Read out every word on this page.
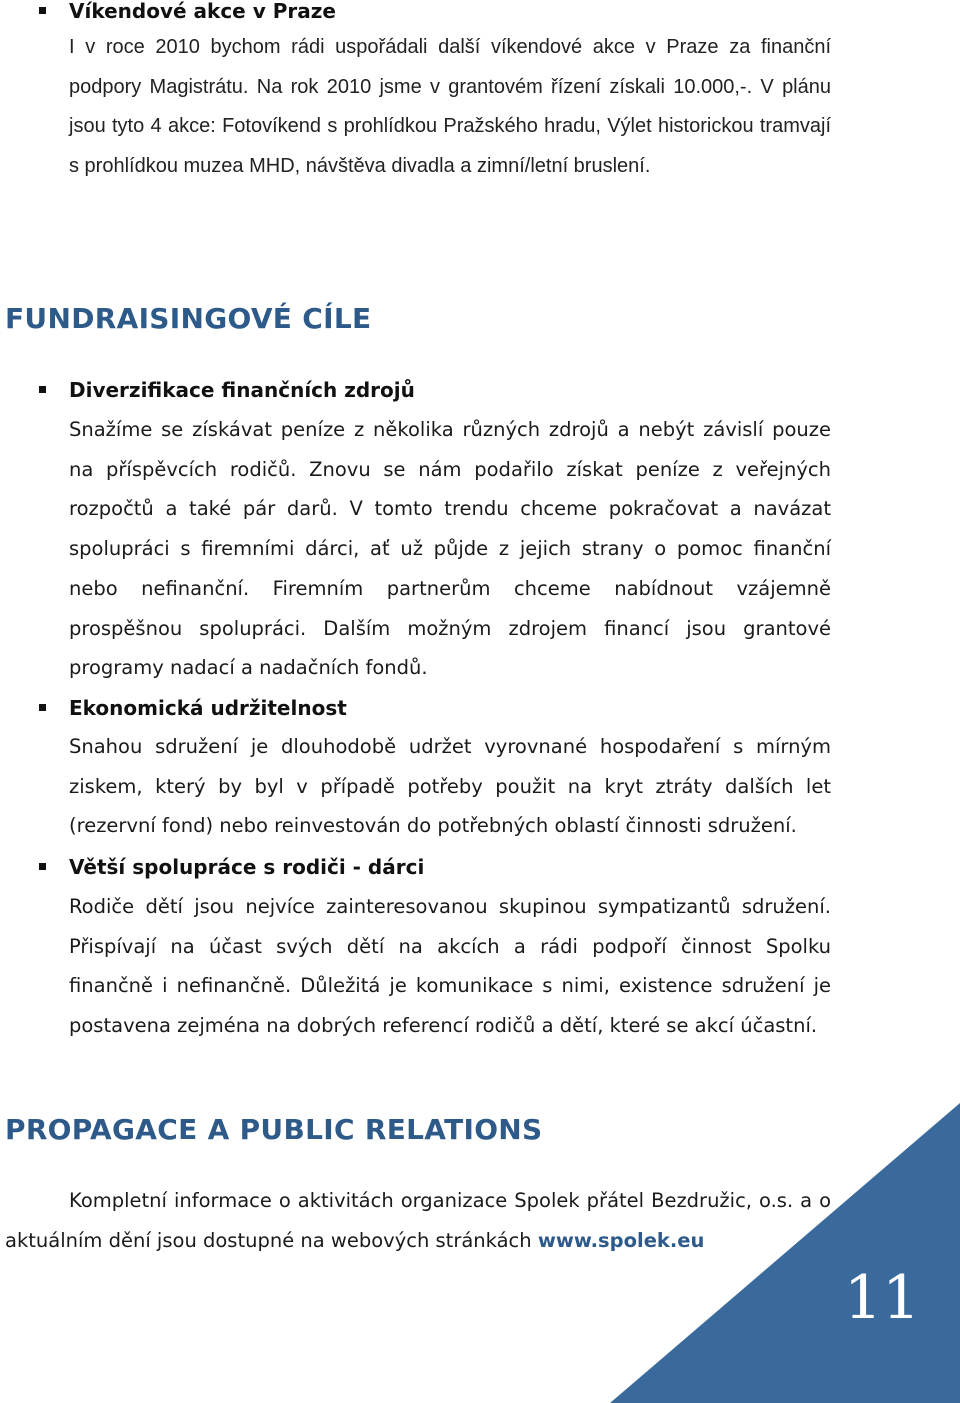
Víkendové akce v Praze
I v roce 2010 bychom rádi uspořádali další víkendové akce v Praze za finanční podpory Magistrátu. Na rok 2010 jsme v grantovém řízení získali 10.000,-. V plánu jsou tyto 4 akce: Fotovíkend s prohlídkou Pražského hradu, Výlet historickou tramvají s prohlídkou muzea MHD, návštěva divadla a zimní/letní bruslení.
FUNDRAISINGOVÉ CÍLE
Diverzifikace finančních zdrojů
Snažíme se získávat peníze z několika různých zdrojů a nebýt závislí pouze na příspěvcích rodičů. Znovu se nám podařilo získat peníze z veřejných rozpočtů a také pár darů. V tomto trendu chceme pokračovat a navázat spolupráci s firemními dárci, ať už půjde z jejich strany o pomoc finanční nebo nefinanční. Firemním partnerům chceme nabídnout vzájemně prospěšnou spolupráci. Dalším možným zdrojem financí jsou grantové programy nadací a nadačních fondů.
Ekonomická udržitelnost
Snahou sdružení je dlouhodobě udržet vyrovnané hospodaření s mírným ziskem, který by byl v případě potřeby použit na kryt ztráty dalších let (rezervní fond) nebo reinvestován do potřebných oblastí činnosti sdružení.
Větší spolupráce s rodiči - dárci
Rodiče dětí jsou nejvíce zainteresovanou skupinou sympatizantů sdružení. Přispívají na účast svých dětí na akcích a rádi podpoří činnost Spolku finančně i nefinančně. Důležitá je komunikace s nimi, existence sdružení je postavena zejména na dobrých referencí rodičů a dětí, které se akcí účastní.
PROPAGACE A PUBLIC RELATIONS
Kompletní informace o aktivitách organizace Spolek přátel Bezdružic, o.s. a o aktuálním dění jsou dostupné na webových stránkách www.spolek.eu
11
